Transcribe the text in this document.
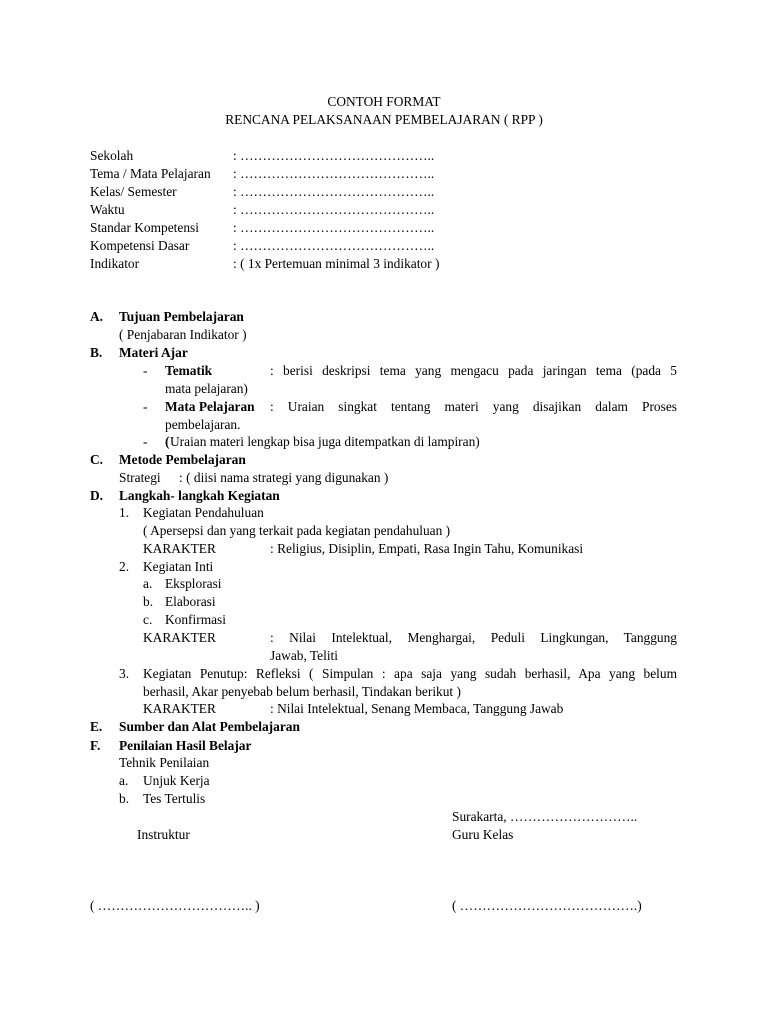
CONTOH FORMAT
RENCANA PELAKSANAAN PEMBELAJARAN ( RPP )
Sekolah	: ……………………………………..
Tema / Mata Pelajaran : ……………………………………..
Kelas/ Semester	: ……………………………………..
Waktu	: ……………………………………..
Standar Kompetensi	: ……………………………………..
Kompetensi Dasar	: ……………………………………..
Indikator	: ( 1x Pertemuan minimal 3 indikator )
A. Tujuan Pembelajaran
( Penjabaran Indikator )
B. Materi Ajar
- Tematik	: berisi deskripsi tema yang mengacu pada jaringan tema (pada 5
mata pelajaran)
- Mata Pelajaran : Uraian singkat tentang materi yang disajikan dalam Proses
pembelajaran.
- ( Uraian materi lengkap bisa juga ditempatkan di lampiran)
C. Metode Pembelajaran
Strategi : ( diisi nama strategi yang digunakan )
D. Langkah- langkah Kegiatan
1. Kegiatan Pendahuluan
( Apersepsi dan yang terkait pada kegiatan pendahuluan )
KARAKTER	: Religius, Disiplin, Empati, Rasa Ingin Tahu, Komunikasi
2. Kegiatan Inti
a. Eksplorasi
b. Elaborasi
c. Konfirmasi
KARAKTER	: Nilai Intelektual, Menghargai, Peduli Lingkungan, Tanggung
Jawab, Teliti
3. Kegiatan Penutup: Refleksi ( Simpulan : apa saja yang sudah berhasil, Apa yang belum
berhasil, Akar penyebab belum berhasil, Tindakan berikut )
KARAKTER	: Nilai Intelektual, Senang Membaca, Tanggung Jawab
E. Sumber dan Alat Pembelajaran
F. Penilaian Hasil Belajar
Tehnik Penilaian
a. Unjuk Kerja
b. Tes Tertulis
Surakarta, ………………………..
Instruktur	Guru Kelas
( …………………………….. )	( ………………………………….)
